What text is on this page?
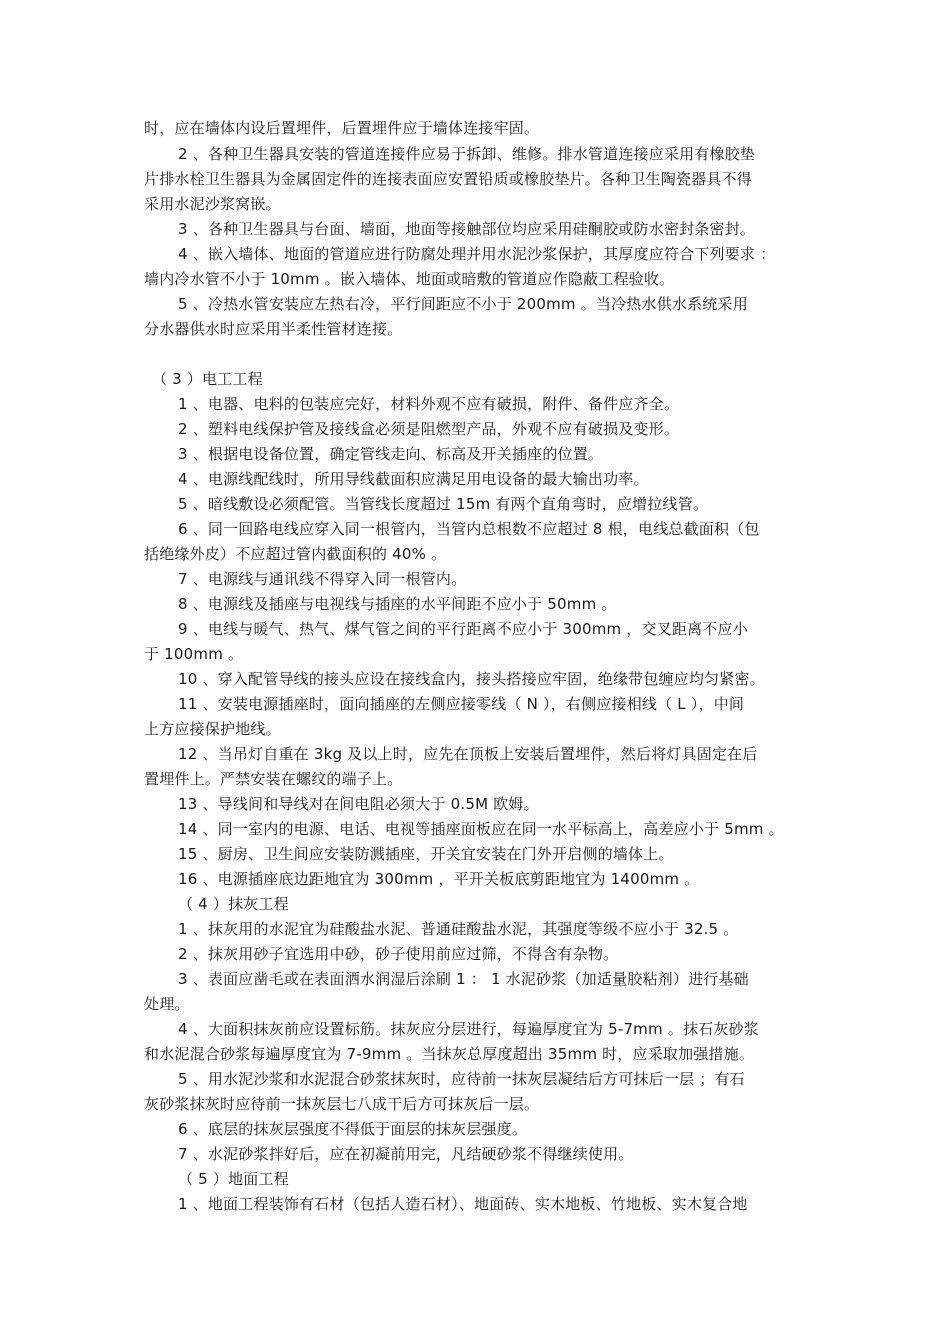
时，应在墙体内设后置埋件，后置埋件应于墙体连接牢固。
2 、各种卫生器具安装的管道连接件应易于拆卸、维修。排水管道连接应采用有橡胶垫
片排水栓卫生器具为金属固定件的连接表面应安置铅质或橡胶垫片。各种卫生陶瓷器具不得
采用水泥沙浆窝嵌。
3 、各种卫生器具与台面、墙面，地面等接触部位均应采用硅酮胶或防水密封条密封。
4 、嵌入墙体、地面的管道应进行防腐处理并用水泥沙浆保护，其厚度应符合下列要求 ：
墙内冷水管不小于 10mm 。嵌入墙体、地面或暗敷的管道应作隐蔽工程验收。
5 、冷热水管安装应左热右冷，平行间距应不小于 200mm 。当冷热水供水系统采用
分水器供水时应采用半柔性管材连接。
（ 3 ）电工工程
1 、电器、电料的包装应完好，材料外观不应有破损，附件、备件应齐全。
2 、塑料电线保护管及接线盒必须是阻燃型产品，外观不应有破损及变形。
3 、根据电设备位置，确定管线走向、标高及开关插座的位置。
4 、电源线配线时，所用导线截面积应满足用电设备的最大输出功率。
5 、暗线敷设必须配管。当管线长度超过 15m 有两个直角弯时，应增拉线管。
6 、同一回路电线应穿入同一根管内，当管内总根数不应超过 8 根，电线总截面积（包
括绝缘外皮）不应超过管内截面积的 40% 。
7 、电源线与通讯线不得穿入同一根管内。
8 、电源线及插座与电视线与插座的水平间距不应小于 50mm 。
9 、电线与暖气、热气、煤气管之间的平行距离不应小于 300mm ，交叉距离不应小
于 100mm 。
10 、穿入配管导线的接头应设在接线盒内，接头搭接应牢固，绝缘带包缠应均匀紧密。
11 、安装电源插座时，面向插座的左侧应接零线（ N ），右侧应接相线（ L ），中间
上方应接保护地线。
12 、当吊灯自重在 3kg 及以上时，应先在顶板上安装后置埋件，然后将灯具固定在后
置埋件上。严禁安装在螺纹的端子上。
13 、导线间和导线对在间电阻必须大于 0.5M 欧姆。
14 、同一室内的电源、电话、电视等插座面板应在同一水平标高上，高差应小于 5mm 。
15 、厨房、卫生间应安装防溅插座，开关宜安装在门外开启侧的墙体上。
16 、电源插座底边距地宜为 300mm ，平开关板底剪距地宜为 1400mm 。
（ 4 ）抹灰工程
1 、抹灰用的水泥宜为硅酸盐水泥、普通硅酸盐水泥，其强度等级不应小于 32.5 。
2 、抹灰用砂子宜选用中砂，砂子使用前应过筛，不得含有杂物。
3 、表面应凿毛或在表面洒水润湿后涂刷 1 ： 1 水泥砂浆（加适量胶粘剂）进行基础
处理。
4 、大面积抹灰前应设置标筋。抹灰应分层进行，每遍厚度宜为 5-7mm 。抹石灰砂浆
和水泥混合砂浆每遍厚度宜为 7-9mm 。当抹灰总厚度超出 35mm 时，应采取加强措施。
5 、用水泥沙浆和水泥混合砂浆抹灰时，应待前一抹灰层凝结后方可抹后一层 ；有石
灰砂浆抹灰时应待前一抹灰层七八成干后方可抹灰后一层。
6 、底层的抹灰层强度不得低于面层的抹灰层强度。
7 、水泥砂浆拌好后，应在初凝前用完，凡结硬砂浆不得继续使用。
（ 5 ）地面工程
1 、地面工程装饰有石材（包括人造石材）、地面砖、实木地板、竹地板、实木复合地
